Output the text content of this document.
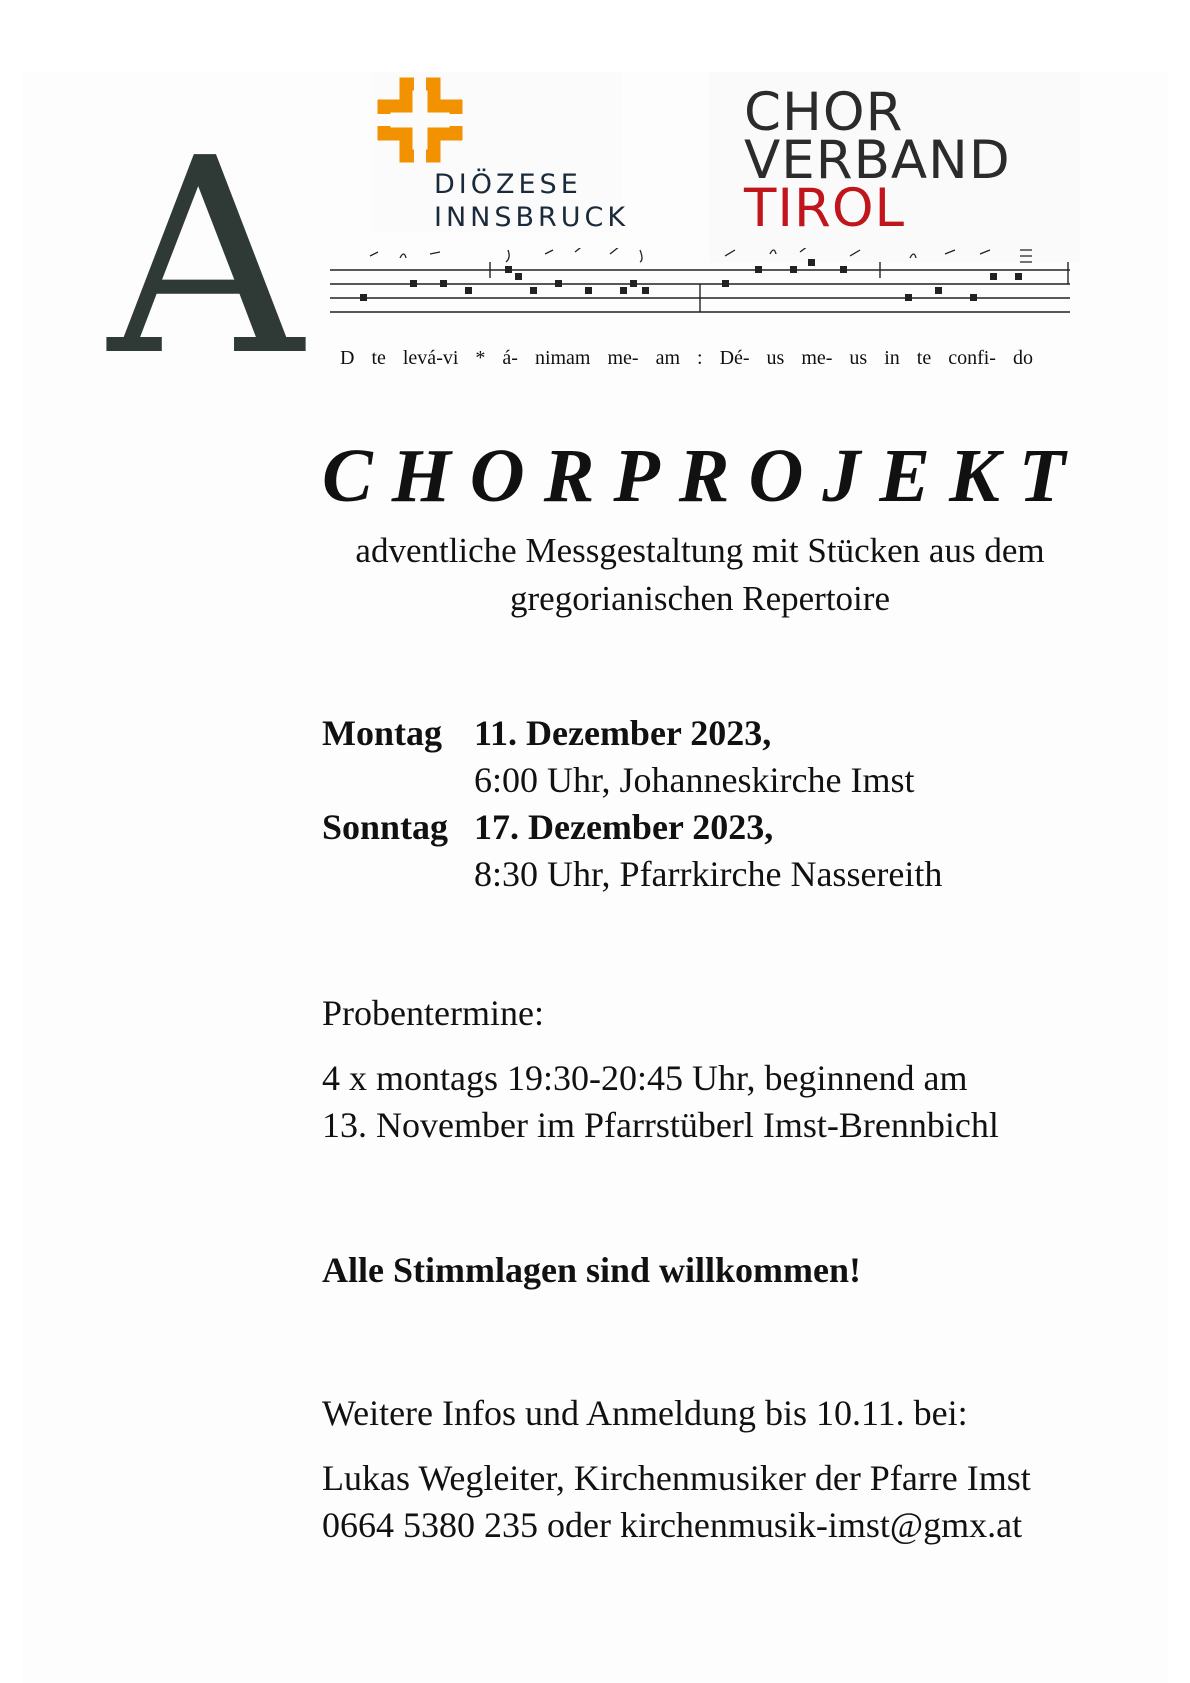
DIÖZESE
INNSBRUCK
CHOR
VERBAND
TIROL
A D te levá-vi * á- nimam me- am : Dé- us me- us in te confi- do
CHORPROJEKT
adventliche Messgestaltung mit Stücken aus dem
gregorianischen Repertoire
Montag 11. Dezember 2023,
6:00 Uhr, Johanneskirche Imst
Sonntag 17. Dezember 2023,
8:30 Uhr, Pfarrkirche Nassereith
Probentermine:
4 x montags 19:30-20:45 Uhr, beginnend am
13. November im Pfarrstüberl Imst-Brennbichl
Alle Stimmlagen sind willkommen!
Weitere Infos und Anmeldung bis 10.11. bei:
Lukas Wegleiter, Kirchenmusiker der Pfarre Imst
0664 5380 235 oder kirchenmusik-imst@gmx.at
